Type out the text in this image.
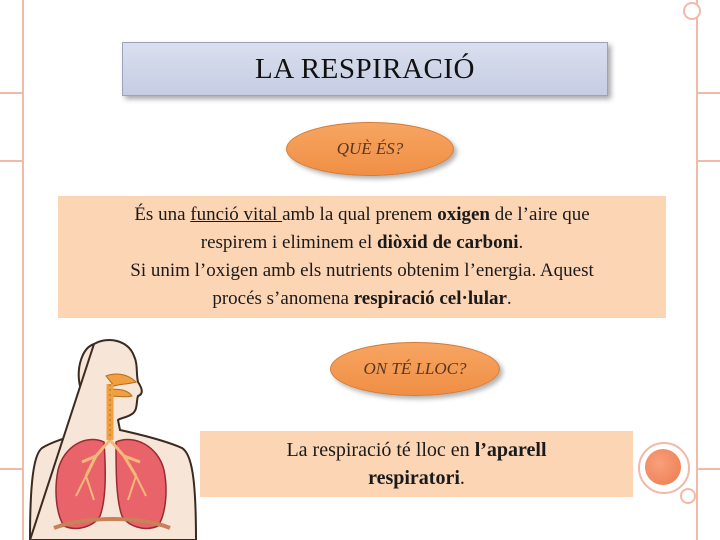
LA RESPIRACIÓ
QUÈ ÉS?
És una funció vital amb la qual prenem oxigen de l’aire que
respirem i eliminem el diòxid de carboni.
Si unim l’oxigen amb els nutrients obtenim l’energia. Aquest
procés s’anomena respiració cel·lular.
ON TÉ LLOC?
La respiració té lloc en l’aparell
respiratori.
